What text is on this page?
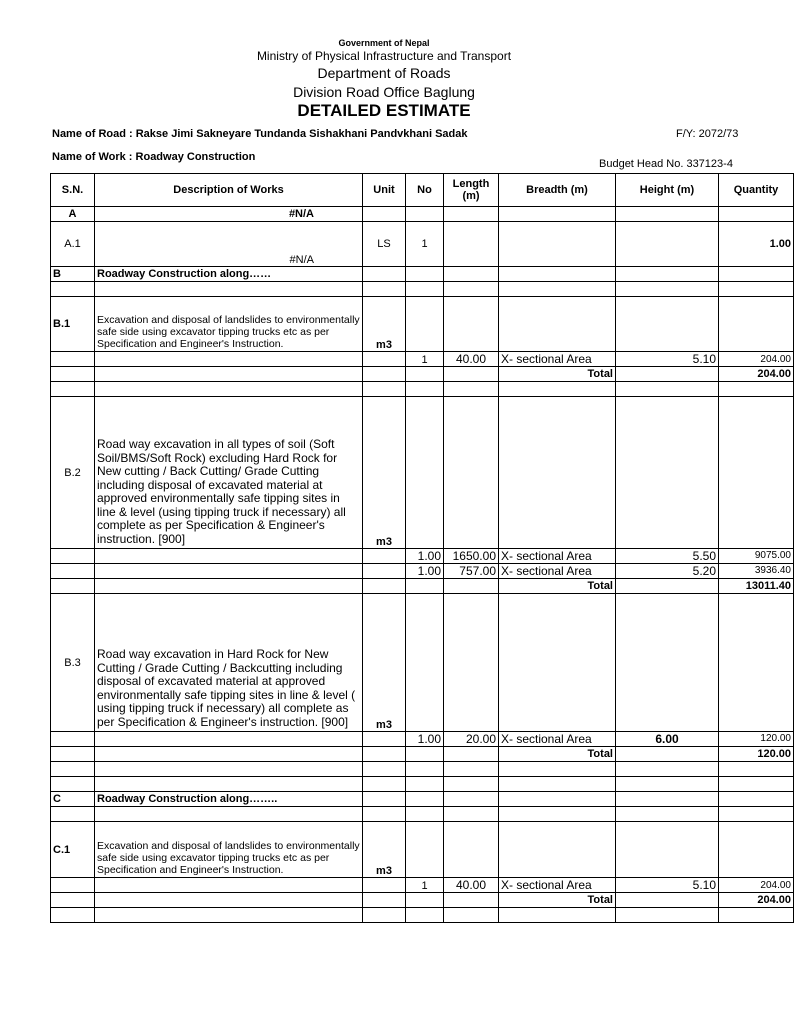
Government of Nepal
Ministry of Physical Infrastructure and Transport
Department of Roads
Division Road Office Baglung
DETAILED ESTIMATE
Name of Road : Rakse Jimi Sakneyare Tundanda Sishakhani Pandvkhani Sadak	F/Y: 2072/73
Name of Work : Roadway Construction
Budget Head No. 337123-4
S.N.	Description of Works	Unit	No	Length (m)	Breadth (m)	Height (m)	Quantity
A	#N/A						
A.1	#N/A	LS	1				1.00
B	Roadway Construction along……						

B.1	Excavation and disposal of landslides to environmentally safe side using excavator tipping trucks etc as per Specification and Engineer's Instruction.	m3					
			1	40.00	X- sectional Area	5.10	204.00
					Total		204.00

B.2	Road way excavation in all types of soil (Soft Soil/BMS/Soft Rock) excluding Hard Rock for New cutting / Back Cutting/ Grade Cutting including disposal of excavated material at approved environmentally safe tipping sites in line & level (using tipping truck if necessary) all complete as per Specification & Engineer's instruction. [900]	m3					
			1.00	1650.00	X- sectional Area	5.50	9075.00
			1.00	757.00	X- sectional Area	5.20	3936.40
					Total		13011.40
B.3	Road way excavation in Hard Rock for New Cutting / Grade Cutting / Backcutting including disposal of excavated material at approved environmentally safe tipping sites in line & level ( using tipping truck if necessary) all complete as per Specification & Engineer's instruction. [900]	m3					
			1.00	20.00	X- sectional Area	6.00	120.00
					Total		120.00

C	Roadway Construction along……..						

C.1	Excavation and disposal of landslides to environmentally safe side using excavator tipping trucks etc as per Specification and Engineer's Instruction.	m3					
			1	40.00	X- sectional Area	5.10	204.00
					Total		204.00
